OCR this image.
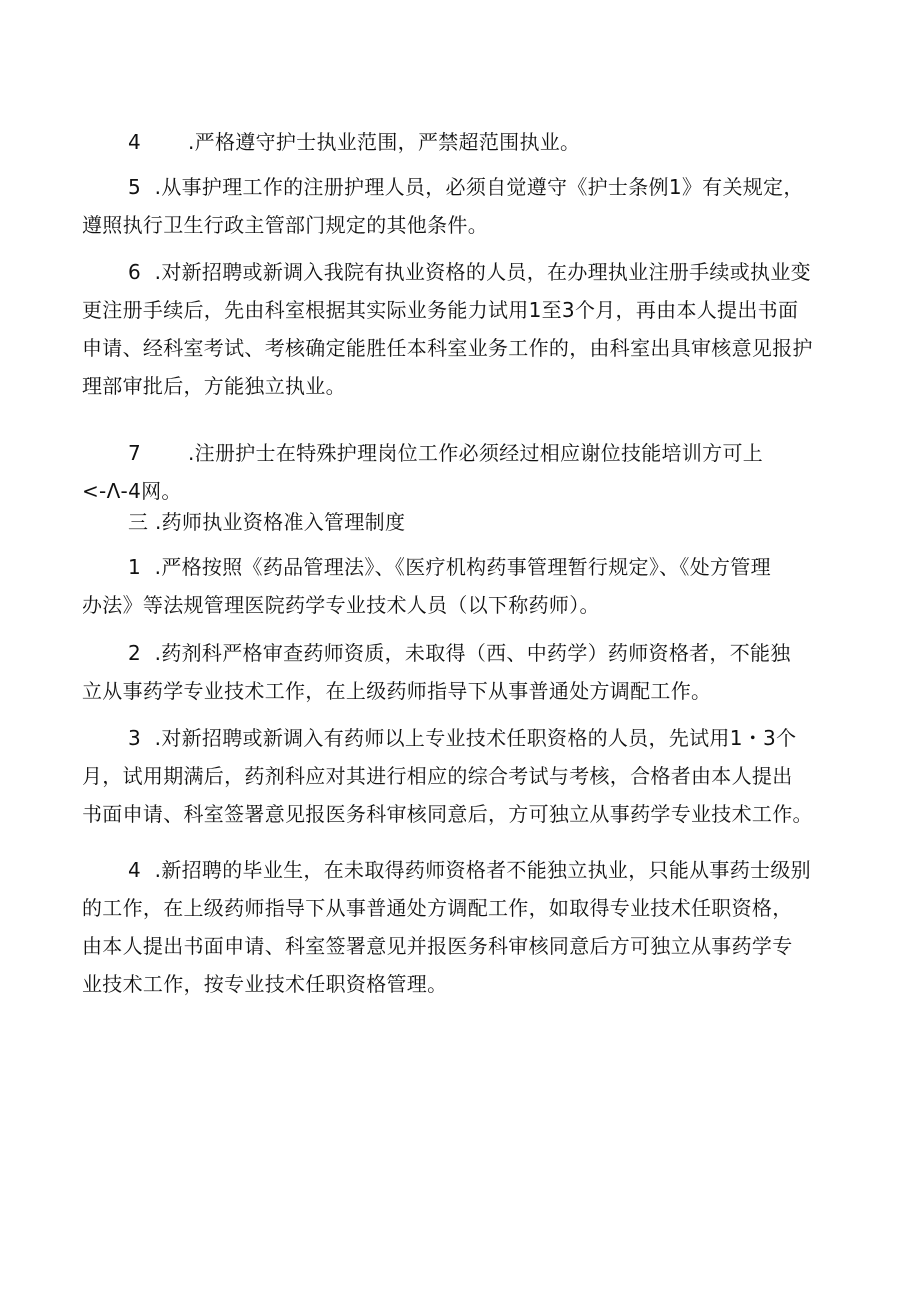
4 .严格遵守护士执业范围，严禁超范围执业。
5 .从事护理工作的注册护理人员，必须自觉遵守《护士条例1》有关规定，
遵照执行卫生行政主管部门规定的其他条件。
6 .对新招聘或新调入我院有执业资格的人员，在办理执业注册手续或执业变
更注册手续后，先由科室根据其实际业务能力试用1至3个月，再由本人提出书面
申请、经科室考试、考核确定能胜任本科室业务工作的，由科室出具审核意见报护
理部审批后，方能独立执业。
7 .注册护士在特殊护理岗位工作必须经过相应谢位技能培训方可上
<-Λ-4网。
三 .药师执业资格准入管理制度
1 .严格按照《药品管理法》、《医疗机构药事管理暂行规定》、《处方管理
办法》等法规管理医院药学专业技术人员（以下称药师）。
2 .药剂科严格审查药师资质，未取得（西、中药学）药师资格者，不能独
立从事药学专业技术工作，在上级药师指导下从事普通处方调配工作。
3 .对新招聘或新调入有药师以上专业技术任职资格的人员，先试用1・3个
月，试用期满后，药剂科应对其进行相应的综合考试与考核，合格者由本人提出
书面申请、科室签署意见报医务科审核同意后，方可独立从事药学专业技术工作。
4 .新招聘的毕业生，在未取得药师资格者不能独立执业，只能从事药士级别
的工作，在上级药师指导下从事普通处方调配工作，如取得专业技术任职资格，
由本人提出书面申请、科室签署意见并报医务科审核同意后方可独立从事药学专
业技术工作，按专业技术任职资格管理。
